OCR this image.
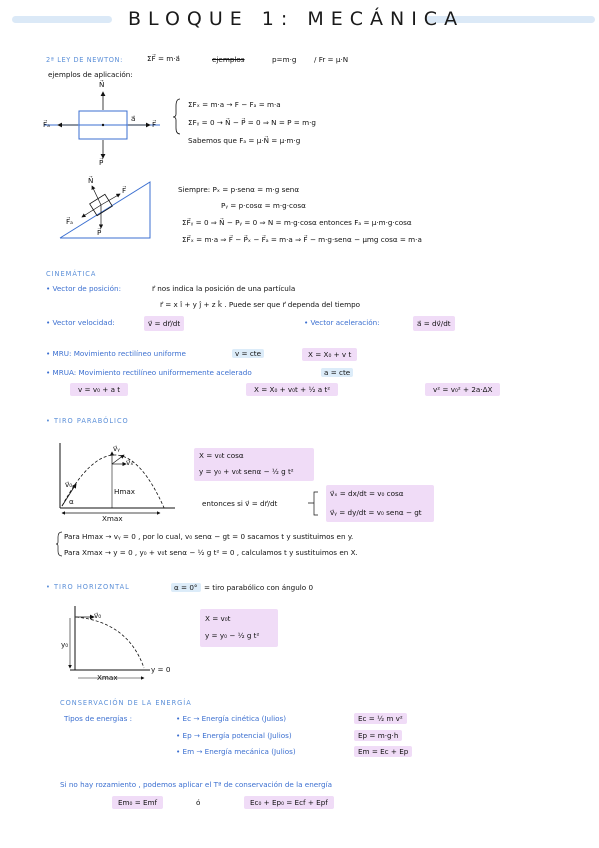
BLOQUE 1: MECÁNICA
2ª LEY DE NEWTON:	ΣF⃗ = m·a⃗	ejemplos	p=m·g / Fr = μ·N
ejemplos de aplicación:
N⃗
P⃗
F⃗ₐ
a⃗
F⃗
ΣFₓ = m·a → F − Fₐ = m·a
ΣFᵧ = 0 → N⃗ − P⃗ = 0 ⇒ N = P = m·g
Sabemos que Fₐ = μ·N⃗ = μ·m·g
N⃗
P⃗
F⃗ₐ
F⃗	Siempre: Pₓ = p·senα = m·g senα
Pᵧ = p·cosα = m·g·cosα
ΣF⃗ᵧ = 0 ⇒ N⃗ − Pᵧ = 0 ⇒ N = m·g·cosα entonces Fₐ = μ·m·g·cosα
ΣF⃗ₓ = m·a ⇒ F⃗ − P⃗ₓ − F⃗ₐ = m·a ⇒ F⃗ − m·g·senα − μmg cosα = m·a
CINEMÁTICA
• Vector de posición:	r⃗ nos indica la posición de una partícula
r⃗ = x î + y ĵ + z k̂ . Puede ser que r⃗ dependa del tiempo
• Vector velocidad:	v⃗ = dr⃗/dt	• Vector aceleración:	a⃗ = dv⃗/dt
• MRU: Movimiento rectilíneo uniforme	v = cte	X = X₀ + v t
• MRUA: Movimiento rectilíneo uniformemente acelerado	a = cte
v = v₀ + a t	X = X₀ + v₀t + ½ a t²	v² = v₀² + 2a·ΔX
• TIRO PARABÓLICO
X = v₀t cosα
y = y₀ + v₀t senα − ½ g t²
v⃗₀
α
Hmax
Xmax
v⃗ᵧ
v⃗ₓ
entonces si v⃗ = dr⃗/dt
v⃗ₓ = dx/dt = v₀ cosα
v⃗ᵧ = dy/dt = v₀ senα − gt
Para Hmax → vᵧ = 0 , por lo cual, v₀ senα − gt = 0 sacamos t y sustituimos en y.
Para Xmax → y = 0 , y₀ + v₀t senα − ½ g t² = 0 , calculamos t y sustituimos en X.
• TIRO HORIZONTAL	α = 0° = tiro parabólico con ángulo 0
X = v₀t
y = y₀ − ½ g t²
v⃗₀
y₀
y = 0
Xmax
CONSERVACIÓN DE LA ENERGÍA
Tipos de energías :	• Ec → Energía cinética (Julios)	Ec = ½ m v²
• Ep → Energía potencial (Julios)	Ep = m·g·h
• Em → Energía mecánica (Julios)	Em = Ec + Ep
Si no hay rozamiento , podemos aplicar el Tª de conservación de la energía
Em₀ = Emf	ó	Ec₀ + Ep₀ = Ecf + Epf
